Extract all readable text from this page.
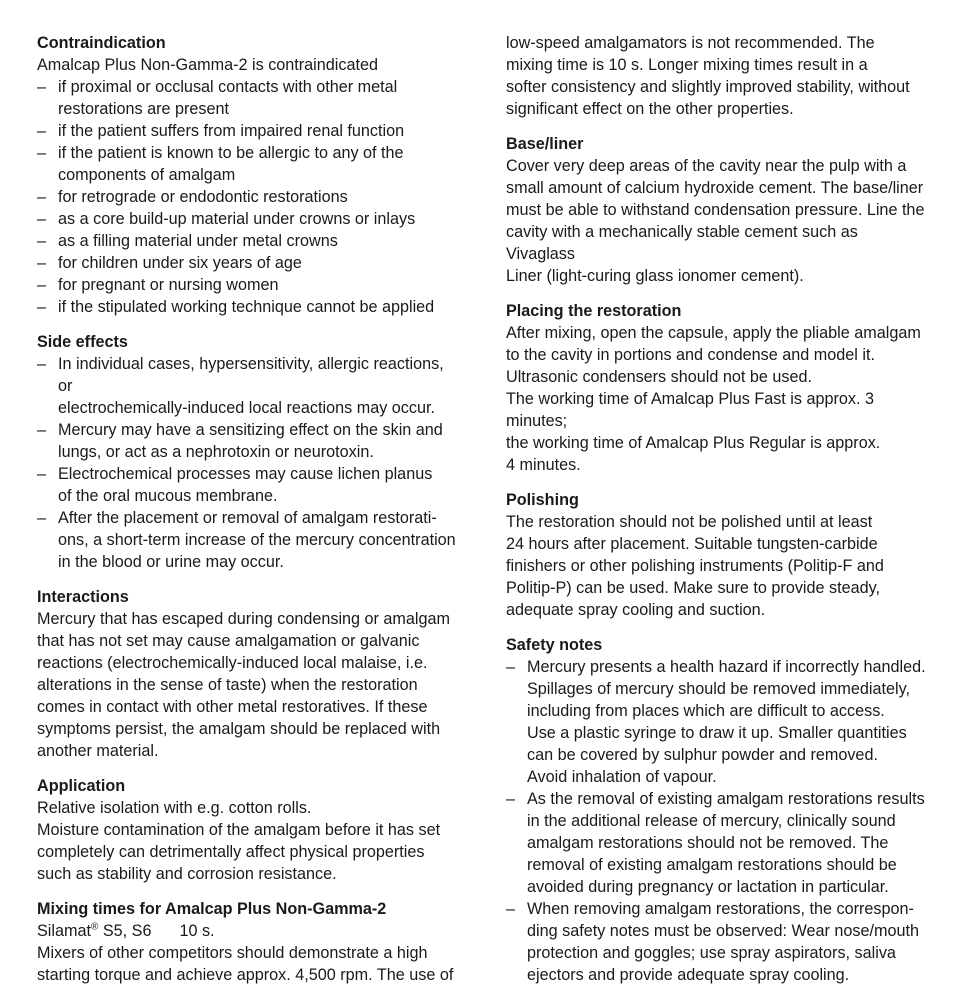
Contraindication
Amalcap Plus Non-Gamma-2 is contraindicated
– if proximal or occlusal contacts with other metal
restorations are present
– if the patient suffers from impaired renal function
– if the patient is known to be allergic to any of the
components of amalgam
– for retrograde or endodontic restorations
– as a core build-up material under crowns or inlays
– as a filling material under metal crowns
– for children under six years of age
– for pregnant or nursing women
– if the stipulated working technique cannot be applied
Side effects
– In individual cases, hypersensitivity, allergic reactions, or
electrochemically-induced local reactions may occur.
– Mercury may have a sensitizing effect on the skin and
lungs, or act as a nephrotoxin or neurotoxin.
– Electrochemical processes may cause lichen planus
of the oral mucous membrane.
– After the placement or removal of amalgam restorati-
ons, a short-term increase of the mercury concentration
in the blood or urine may occur.
Interactions
Mercury that has escaped during condensing or amalgam
that has not set may cause amalgamation or galvanic
reactions (electrochemically-induced local malaise, i.e.
alterations in the sense of taste) when the restoration
comes in contact with other metal restoratives. If these
symptoms persist, the amalgam should be replaced with
another material.
Application
Relative isolation with e.g. cotton rolls.
Moisture contamination of the amalgam before it has set
completely can detrimentally affect physical properties
such as stability and corrosion resistance.
Mixing times for Amalcap Plus Non-Gamma-2
Silamat® S5, S6 10 s.
Mixers of other competitors should demonstrate a high
starting torque and achieve approx. 4,500 rpm. The use of
low-speed amalgamators is not recommended. The
mixing time is 10 s. Longer mixing times result in a
softer consistency and slightly improved stability, without
significant effect on the other properties.
Base/liner
Cover very deep areas of the cavity near the pulp with a
small amount of calcium hydroxide cement. The base/liner
must be able to withstand condensation pressure. Line the
cavity with a mechanically stable cement such as Vivaglass
Liner (light-curing glass ionomer cement).
Placing the restoration
After mixing, open the capsule, apply the pliable amalgam
to the cavity in portions and condense and model it.
Ultrasonic condensers should not be used.
The working time of Amalcap Plus Fast is approx. 3 minutes;
the working time of Amalcap Plus Regular is approx.
4 minutes.
Polishing
The restoration should not be polished until at least
24 hours after placement. Suitable tungsten-carbide
finishers or other polishing instruments (Politip-F and
Politip-P) can be used. Make sure to provide steady,
adequate spray cooling and suction.
Safety notes
– Mercury presents a health hazard if incorrectly handled.
Spillages of mercury should be removed immediately,
including from places which are difficult to access.
Use a plastic syringe to draw it up. Smaller quantities
can be covered by sulphur powder and removed.
Avoid inhalation of vapour.
– As the removal of existing amalgam restorations results
in the additional release of mercury, clinically sound
amalgam restorations should not be removed. The
removal of existing amalgam restorations should be
avoided during pregnancy or lactation in particular.
– When removing amalgam restorations, the correspon-
ding safety notes must be observed: Wear nose/mouth
protection and goggles; use spray aspirators, saliva
ejectors and provide adequate spray cooling.
